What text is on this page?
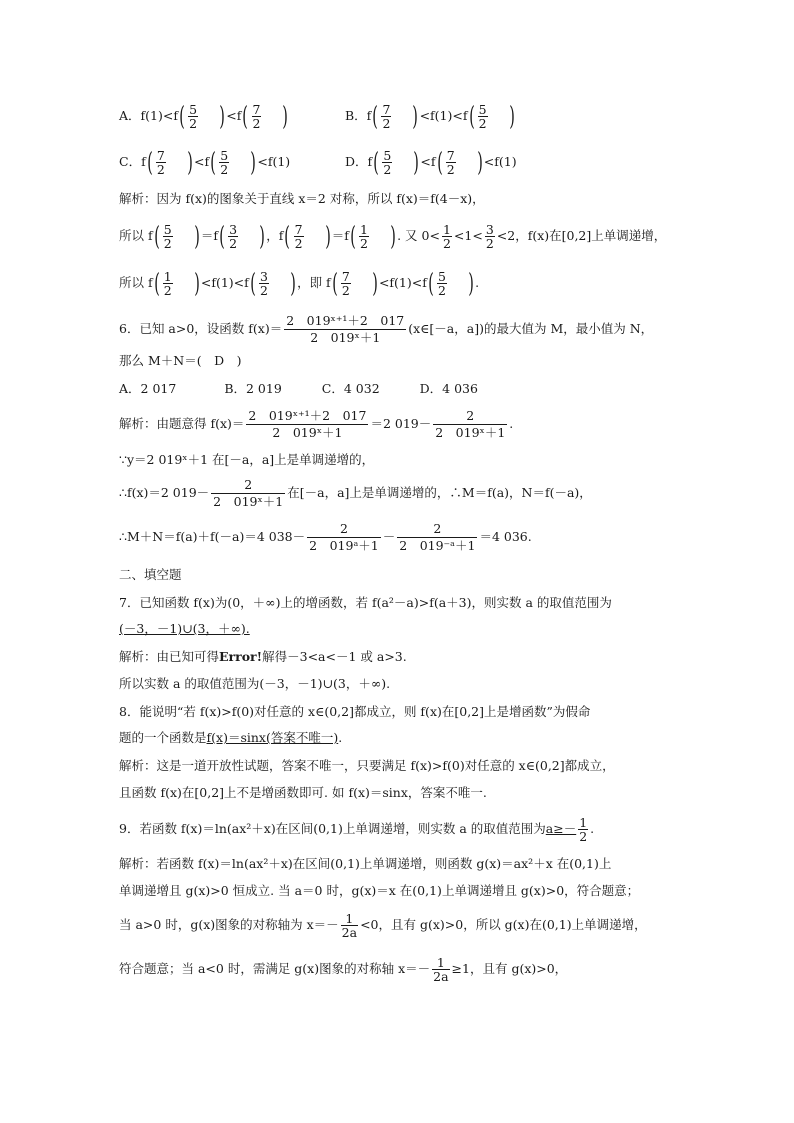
A．$f(1)<f( \frac{5}{2} )<f( \frac{7}{2}$ )	B．$f( \frac{7}{2} )<f(1)<f( \frac{5}{2}$ )
C．$f( \frac{7}{2} )<f( \frac{5}{2} )<f(1)$	D．$f( \frac{5}{2} )<f( \frac{7}{2} )<f(1)$
解析：因为 f(x)的图象关于直线 x＝2 对称，所以 f(x)＝f(4－x)，
所以 $f( \frac{5}{2} )=f( \frac{3}{2}$ )，$f( \frac{7}{2} )=f( \frac{1}{2}$ ). 又 $0< \frac{1}{2} <1< \frac{3}{2} <2$，f(x)在[0,2]上单调递增，
所以 $f( \frac{1}{2} )<f(1)<f( \frac{3}{2}$ )，即 $f( \frac{7}{2} )<f(1)<f( \frac{5}{2}$ ).
6．已知 a>0，设函数 $f(x)= \frac{\text{2　019ˣ⁺¹＋2　017}}{\text{2　019ˣ＋1}}$ (x∈[－a，a])的最大值为 M，最小值为 N，
那么 M＋N＝(　D　)
A．2 017	B．2 019	C．4 032	D．4 036
解析：由题意得 $f(x)= \frac{\text{2　019ˣ⁺¹＋2　017}}{\text{2　019ˣ＋1}} =2$ $019- \frac{2}{\text{2　019ˣ＋1}}$ .
∵y＝2 019ˣ＋1 在[－a，a]上是单调递增的，
∴f(x)＝2 $019- \frac{2}{\text{2　019ˣ＋1}}$ 在[－a，a]上是单调递增的，∴M＝f(a)，N＝f(－a)，
∴M＋N＝f(a)＋f(－a)＝4 $038- \frac{2}{\text{2　019ᵃ＋1}} - \frac{2}{\text{2　019⁻ᵃ＋1}} =4$ 036.
二、填空题
7．已知函数 f(x)为(0，＋∞)上的增函数，若 f(a²－a)>f(a＋3)，则实数 a 的取值范围为
(－3，－1)∪(3，＋∞).
解析：由已知可得Error!解得－3<a<－1 或 a>3.
所以实数 a 的取值范围为(－3，－1)∪(3，＋∞).
8．能说明“若 f(x)>f(0)对任意的 x∈(0,2]都成立，则 f(x)在[0,2]上是增函数”为假命
题的一个函数是f(x)＝sinx(答案不唯一).
解析：这是一道开放性试题，答案不唯一，只要满足 f(x)>f(0)对任意的 x∈(0,2]都成立，
且函数 f(x)在[0,2]上不是增函数即可. 如 f(x)＝sinx，答案不唯一.
9．若函数 f(x)＝ln(ax²＋x)在区间(0,1)上单调递增，则实数 a 的取值范围为$a\ge- \frac{1}{2}$ .
解析：若函数 f(x)＝ln(ax²＋x)在区间(0,1)上单调递增，则函数 g(x)＝ax²＋x 在(0,1)上
单调递增且 g(x)>0 恒成立. 当 a＝0 时，g(x)＝x 在(0,1)上单调递增且 g(x)>0，符合题意；
当 a>0 时，g(x)图象的对称轴为 $x=- \frac{1}{2a} <0$，且有 g(x)>0，所以 g(x)在(0,1)上单调递增，
符合题意；当 a<0 时，需满足 g(x)图象的对称轴 $x=- \frac{1}{2a} \ge 1$，且有 g(x)>0，
